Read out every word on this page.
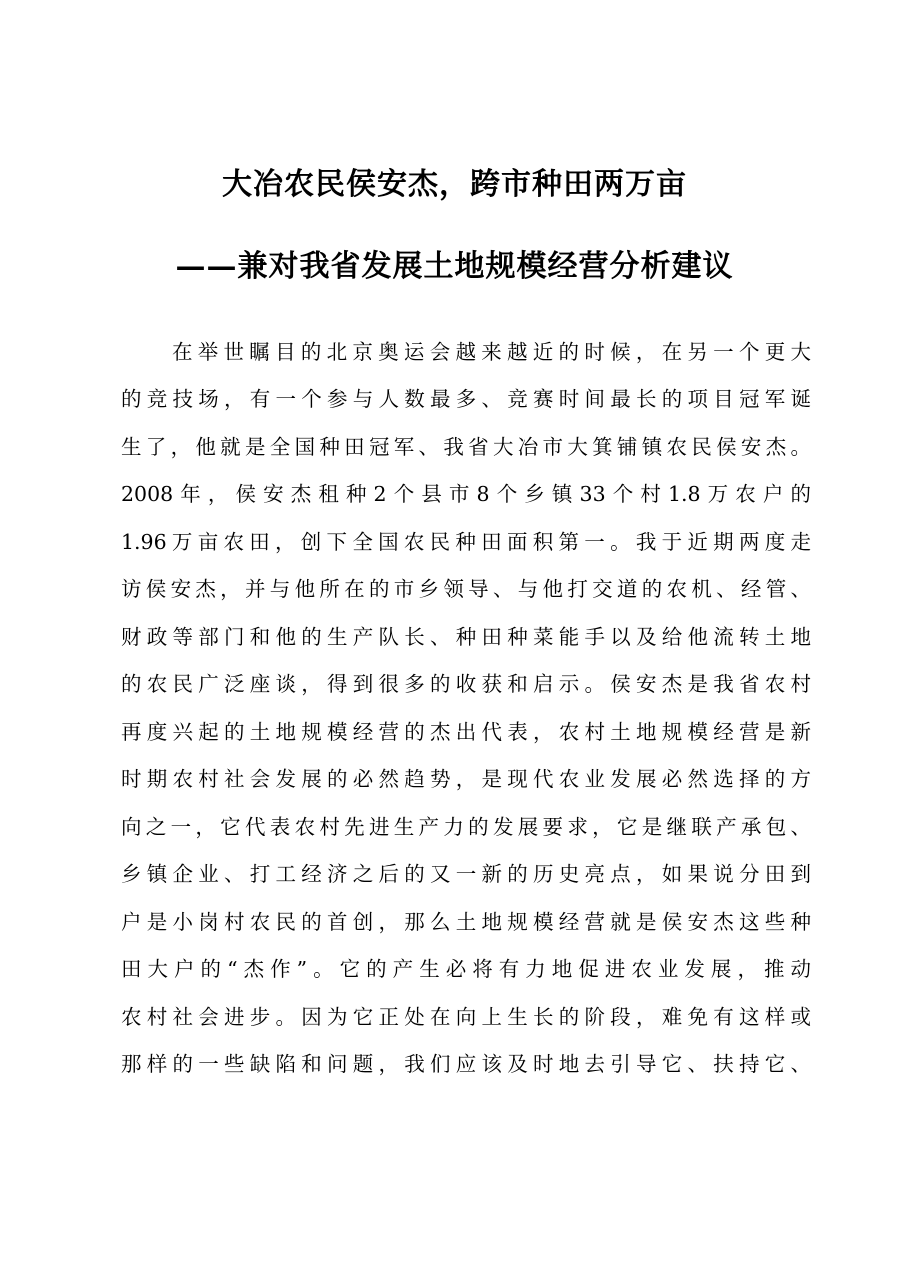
大冶农民侯安杰，跨市种田两万亩
——兼对我省发展土地规模经营分析建议
在举世瞩目的北京奥运会越来越近的时候，在另一个更大
的竞技场，有一个参与人数最多、竞赛时间最长的项目冠军诞
生了，他就是全国种田冠军、我省大冶市大箕铺镇农民侯安杰。
2008年，侯安杰租种2个县市8个乡镇33个村1.8万农户的
1.96万亩农田，创下全国农民种田面积第一。我于近期两度走
访侯安杰，并与他所在的市乡领导、与他打交道的农机、经管、
财政等部门和他的生产队长、种田种菜能手以及给他流转土地
的农民广泛座谈，得到很多的收获和启示。侯安杰是我省农村
再度兴起的土地规模经营的杰出代表，农村土地规模经营是新
时期农村社会发展的必然趋势，是现代农业发展必然选择的方
向之一，它代表农村先进生产力的发展要求，它是继联产承包、
乡镇企业、打工经济之后的又一新的历史亮点，如果说分田到
户是小岗村农民的首创，那么土地规模经营就是侯安杰这些种
田大户的“杰作”。它的产生必将有力地促进农业发展，推动
农村社会进步。因为它正处在向上生长的阶段，难免有这样或
那样的一些缺陷和问题，我们应该及时地去引导它、扶持它、
